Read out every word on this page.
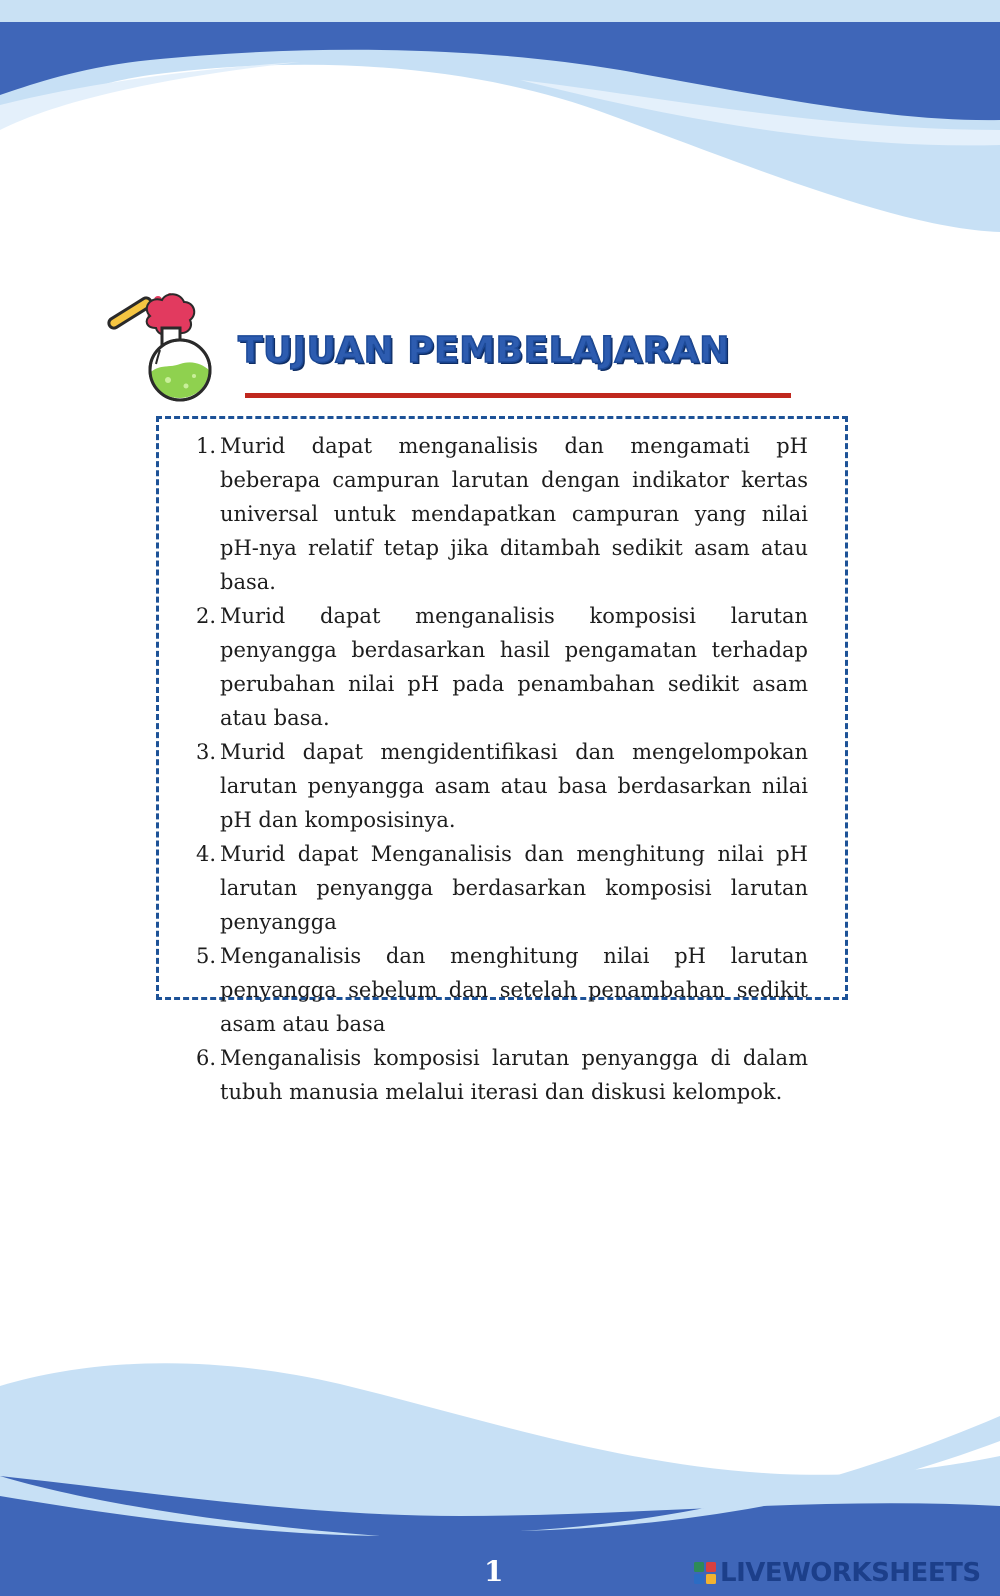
TUJUAN PEMBELAJARAN
1. Murid dapat menganalisis dan mengamati pH beberapa campuran larutan dengan indikator kertas universal untuk mendapatkan campuran yang nilai pH-nya relatif tetap jika ditambah sedikit asam atau basa.
2. Murid dapat menganalisis komposisi larutan penyangga berdasarkan hasil pengamatan terhadap perubahan nilai pH pada penambahan sedikit asam atau basa.
3. Murid dapat mengidentifikasi dan mengelompokan larutan penyangga asam atau basa berdasarkan nilai pH dan komposisinya.
4. Murid dapat Menganalisis dan menghitung nilai pH larutan penyangga berdasarkan komposisi larutan penyangga
5. Menganalisis dan menghitung nilai pH larutan penyangga sebelum dan setelah penambahan sedikit asam atau basa
6. Menganalisis komposisi larutan penyangga di dalam tubuh manusia melalui iterasi dan diskusi kelompok.
1	LIVEWORKSHEETS
